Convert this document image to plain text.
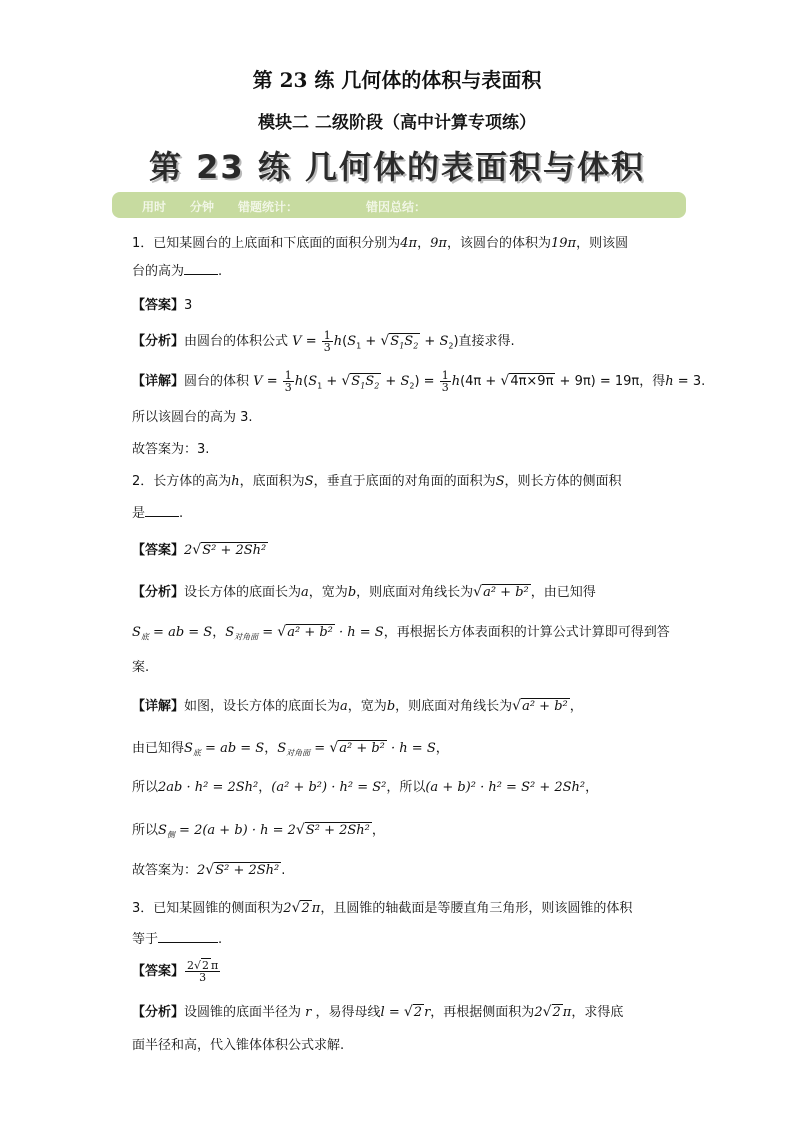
第 23 练 几何体的体积与表面积
模块二 二级阶段（高中计算专项练）
第 23 练 几何体的表面积与体积
用时 分钟 错题统计：	错因总结：
1．已知某圆台的上底面和下底面的面积分别为4π，9π，该圆台的体积为19π，则该圆
台的高为	.
【答案】3
【分析】由圆台的体积公式 $V = \frac{1}{3} h(S_1 + √S_1S_2 + S_2)$直接求得.
【详解】圆台的体积 $V = \frac{1}{3} h(S_1 + √S_1S_2 + S_2) = \frac{1}{3} h(4\pi + √4\pi\times 9\pi + 9\pi) = 19\pi$，得h = 3.
所以该圆台的高为 3.
故答案为：3.
2．长方体的高为h，底面积为S，垂直于底面的对角面的面积为S，则长方体的侧面积
是	.
【答案】2√S² + 2Sh²
【分析】设长方体的底面长为a，宽为b，则底面对角线长为√a² + b² ，由已知得
$S_底$ = ab = S，$S_{对角面} = √a^2 + b^2 \cdot h = S$，再根据长方体表面积的计算公式计算即可得到答
案.
【详解】如图，设长方体的底面长为a，宽为b，则底面对角线长为√a² + b² ，
由已知得$S_底$ = ab = S，$S_{对角面} = √a^2 + b^2 \cdot h = S$，
所以2ab · h² = 2Sh²，(a² + b²) · h² = S²，所以(a + b)² · h² = S² + 2Sh²，
所以$S_侧 = 2(a + b) \cdot h = 2√S^2 + 2Sh^2$ ，
故答案为：2√S² + 2Sh² .
3．已知某圆锥的侧面积为2√2 π，且圆锥的轴截面是等腰直角三角形，则该圆锥的体积
等于	.
【答案】 $\frac{2√2 \pi}{3}$
【分析】设圆锥的底面半径为 r ，易得母线l = √2 r，再根据侧面积为2√2 π，求得底
面半径和高，代入锥体体积公式求解.
